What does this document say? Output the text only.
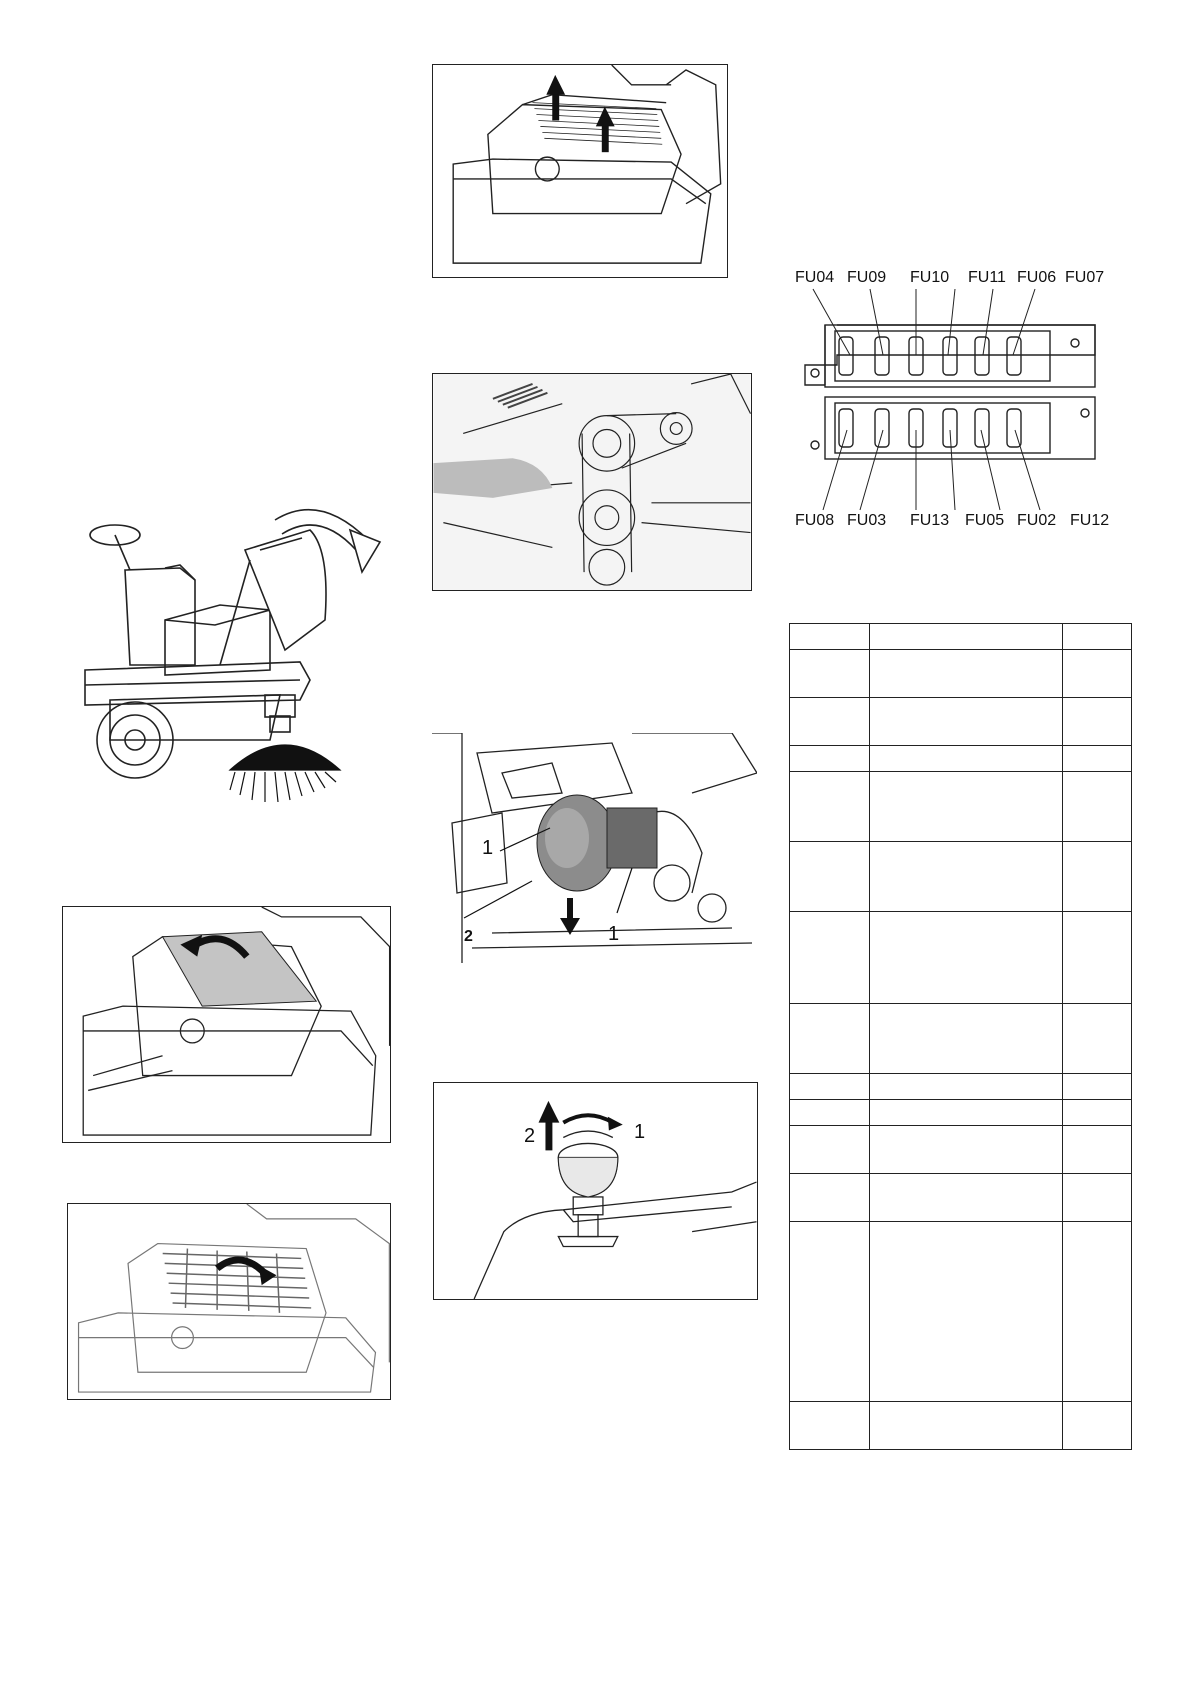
1
2	1
2	1
FU04 FU09 FU10 FU11 FU06 FU07
FU08 FU03 FU13 FU05 FU02 FU12
